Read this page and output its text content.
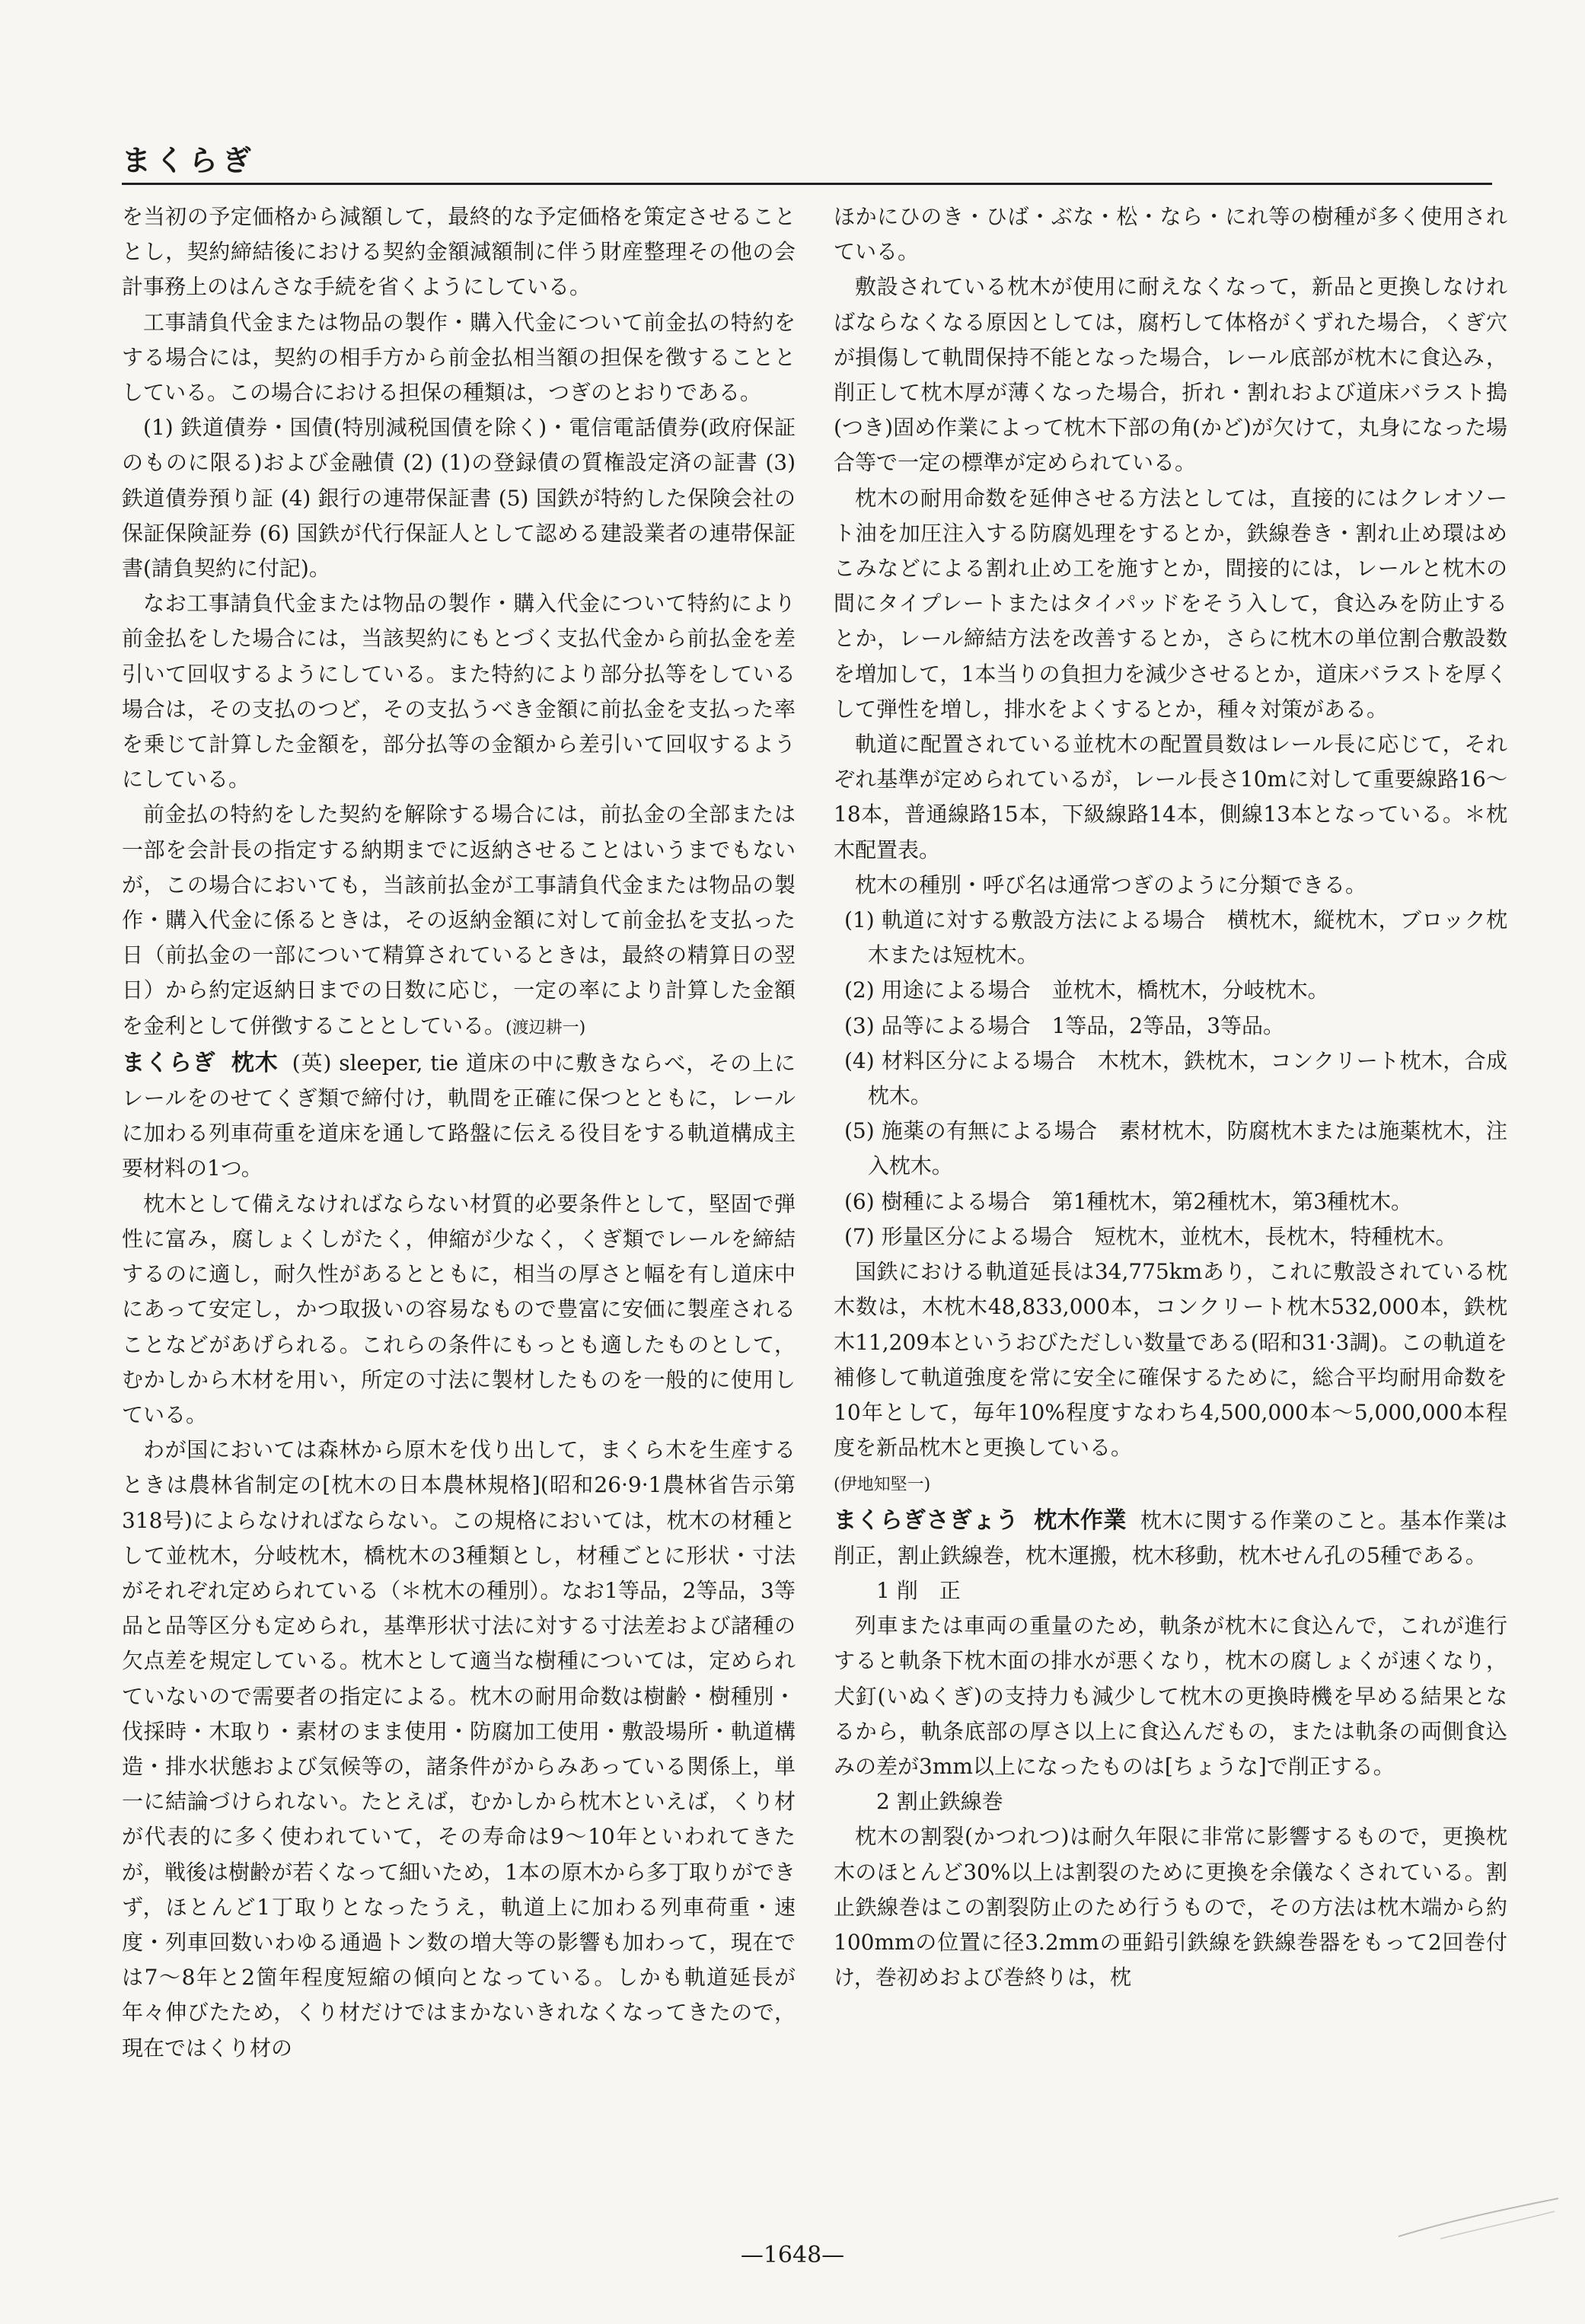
まくらぎ

を当初の予定価格から減額して，最終的な予定価格を策定させることとし，契約締結後における契約金額減額制に伴う財産整理その他の会計事務上のはんさな手続を省くようにしている。

工事請負代金または物品の製作・購入代金について前金払の特約をする場合には，契約の相手方から前金払相当額の担保を徴することとしている。この場合における担保の種類は，つぎのとおりである。

(1) 鉄道債券・国債(特別減税国債を除く)・電信電話債券(政府保証のものに限る)および金融債 (2) (1)の登録債の質権設定済の証書 (3) 鉄道債券預り証 (4) 銀行の連帯保証書 (5) 国鉄が特約した保険会社の保証保険証券 (6) 国鉄が代行保証人として認める建設業者の連帯保証書(請負契約に付記)。

なお工事請負代金または物品の製作・購入代金について特約により前金払をした場合には，当該契約にもとづく支払代金から前払金を差引いて回収するようにしている。また特約により部分払等をしている場合は，その支払のつど，その支払うべき金額に前払金を支払った率を乗じて計算した金額を，部分払等の金額から差引いて回収するようにしている。

前金払の特約をした契約を解除する場合には，前払金の全部または一部を会計長の指定する納期までに返納させることはいうまでもないが，この場合においても，当該前払金が工事請負代金または物品の製作・購入代金に係るときは，その返納金額に対して前金払を支払った日（前払金の一部について精算されているときは，最終の精算日の翌日）から約定返納日までの日数に応じ，一定の率により計算した金額を金利として併徴することとしている。(渡辺耕一)

まくらぎ 枕木 (英) sleeper, tie 道床の中に敷きならべ，その上にレールをのせてくぎ類で締付け，軌間を正確に保つとともに，レールに加わる列車荷重を道床を通して路盤に伝える役目をする軌道構成主要材料の1つ。

枕木として備えなければならない材質的必要条件として，堅固で弾性に富み，腐しょくしがたく，伸縮が少なく，くぎ類でレールを締結するのに適し，耐久性があるとともに，相当の厚さと幅を有し道床中にあって安定し，かつ取扱いの容易なもので豊富に安価に製産されることなどがあげられる。これらの条件にもっとも適したものとして，むかしから木材を用い，所定の寸法に製材したものを一般的に使用している。

わが国においては森林から原木を伐り出して，まくら木を生産するときは農林省制定の[枕木の日本農林規格](昭和26·9·1農林省告示第318号)によらなければならない。この規格においては，枕木の材種として並枕木，分岐枕木，橋枕木の3種類とし，材種ごとに形状・寸法がそれぞれ定められている（＊枕木の種別）。なお1等品，2等品，3等品と品等区分も定められ，基準形状寸法に対する寸法差および諸種の欠点差を規定している。枕木として適当な樹種については，定められていないので需要者の指定による。枕木の耐用命数は樹齢・樹種別・伐採時・木取り・素材のまま使用・防腐加工使用・敷設場所・軌道構造・排水状態および気候等の，諸条件がからみあっている関係上，単一に結論づけられない。たとえば，むかしから枕木といえば，くり材が代表的に多く使われていて，その寿命は9～10年といわれてきたが，戦後は樹齢が若くなって細いため，1本の原木から多丁取りができず，ほとんど1丁取りとなったうえ，軌道上に加わる列車荷重・速度・列車回数いわゆる通過トン数の増大等の影響も加わって，現在では7～8年と2箇年程度短縮の傾向となっている。しかも軌道延長が年々伸びたため，くり材だけではまかないきれなくなってきたので，現在ではくり材の

ほかにひのき・ひば・ぶな・松・なら・にれ等の樹種が多く使用されている。

敷設されている枕木が使用に耐えなくなって，新品と更換しなければならなくなる原因としては，腐朽して体格がくずれた場合，くぎ穴が損傷して軌間保持不能となった場合，レール底部が枕木に食込み，削正して枕木厚が薄くなった場合，折れ・割れおよび道床バラスト搗(つき)固め作業によって枕木下部の角(かど)が欠けて，丸身になった場合等で一定の標準が定められている。

枕木の耐用命数を延伸させる方法としては，直接的にはクレオソート油を加圧注入する防腐処理をするとか，鉄線巻き・割れ止め環はめこみなどによる割れ止め工を施すとか，間接的には，レールと枕木の間にタイプレートまたはタイパッドをそう入して，食込みを防止するとか，レール締結方法を改善するとか，さらに枕木の単位割合敷設数を増加して，1本当りの負担力を減少させるとか，道床バラストを厚くして弾性を増し，排水をよくするとか，種々対策がある。

軌道に配置されている並枕木の配置員数はレール長に応じて，それぞれ基準が定められているが，レール長さ10mに対して重要線路16～18本，普通線路15本，下級線路14本，側線13本となっている。＊枕木配置表。

枕木の種別・呼び名は通常つぎのように分類できる。

(1) 軌道に対する敷設方法による場合　横枕木，縦枕木，ブロック枕木または短枕木。

(2) 用途による場合　並枕木，橋枕木，分岐枕木。

(3) 品等による場合　1等品，2等品，3等品。

(4) 材料区分による場合　木枕木，鉄枕木，コンクリート枕木，合成枕木。

(5) 施薬の有無による場合　素材枕木，防腐枕木または施薬枕木，注入枕木。

(6) 樹種による場合　第1種枕木，第2種枕木，第3種枕木。

(7) 形量区分による場合　短枕木，並枕木，長枕木，特種枕木。

国鉄における軌道延長は34,775kmあり，これに敷設されている枕木数は，木枕木48,833,000本，コンクリート枕木532,000本，鉄枕木11,209本というおびただしい数量である(昭和31·3調)。この軌道を補修して軌道強度を常に安全に確保するために，総合平均耐用命数を10年として，毎年10%程度すなわち4,500,000本～5,000,000本程度を新品枕木と更換している。

(伊地知堅一)

まくらぎさぎょう 枕木作業 枕木に関する作業のこと。基本作業は削正，割止鉄線巻，枕木運搬，枕木移動，枕木せん孔の5種である。

1 削　正

列車または車両の重量のため，軌条が枕木に食込んで，これが進行すると軌条下枕木面の排水が悪くなり，枕木の腐しょくが速くなり，犬釘(いぬくぎ)の支持力も減少して枕木の更換時機を早める結果となるから，軌条底部の厚さ以上に食込んだもの，または軌条の両側食込みの差が3mm以上になったものは[ちょうな]で削正する。

2 割止鉄線巻

枕木の割裂(かつれつ)は耐久年限に非常に影響するもので，更換枕木のほとんど30%以上は割裂のために更換を余儀なくされている。割止鉄線巻はこの割裂防止のため行うもので，その方法は枕木端から約100mmの位置に径3.2mmの亜鉛引鉄線を鉄線巻器をもって2回巻付け，巻初めおよび巻終りは，枕

—1648—
